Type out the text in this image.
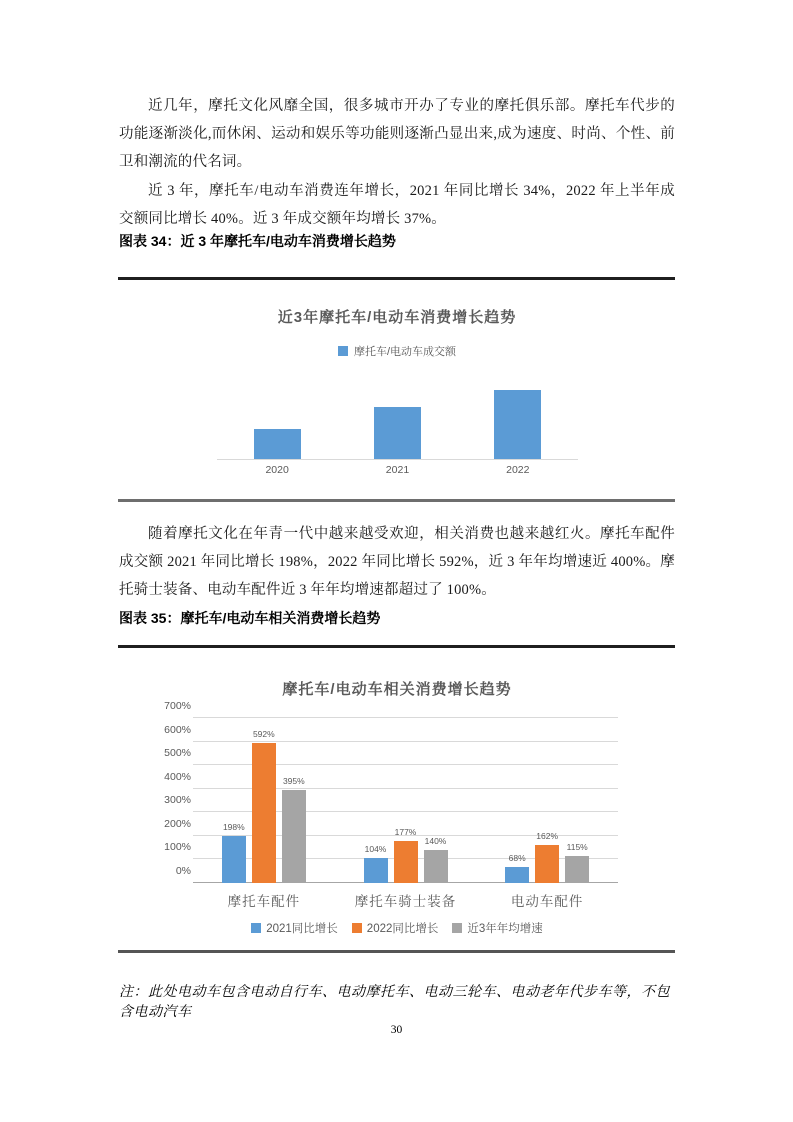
近几年，摩托文化风靡全国，很多城市开办了专业的摩托俱乐部。摩托车代步的功能逐渐淡化,而休闲、运动和娱乐等功能则逐渐凸显出来,成为速度、时尚、个性、前卫和潮流的代名词。

近 3 年，摩托车/电动车消费连年增长，2021 年同比增长 34%，2022 年上半年成交额同比增长 40%。近 3 年成交额年均增长 37%。

图表 34：近 3 年摩托车/电动车消费增长趋势
近3年摩托车/电动车消费增长趋势
摩托车/电动车成交额
2020	2021	2022

随着摩托文化在年青一代中越来越受欢迎，相关消费也越来越红火。摩托车配件成交额 2021 年同比增长 198%，2022 年同比增长 592%，近 3 年年均增速近 400%。摩托骑士装备、电动车配件近 3 年年均增速都超过了 100%。

图表 35：摩托车/电动车相关消费增长趋势
摩托车/电动车相关消费增长趋势
0%
100%
200%
300%
400%
500%
600%
700%
198%
592%
395%
104%
177%
140%
68%
162%
115%
摩托车配件	摩托车骑士装备	电动车配件
2021同比增长	2022同比增长	近3年年均增速

注：此处电动车包含电动自行车、电动摩托车、电动三轮车、电动老年代步车等，不包含电动汽车

30
